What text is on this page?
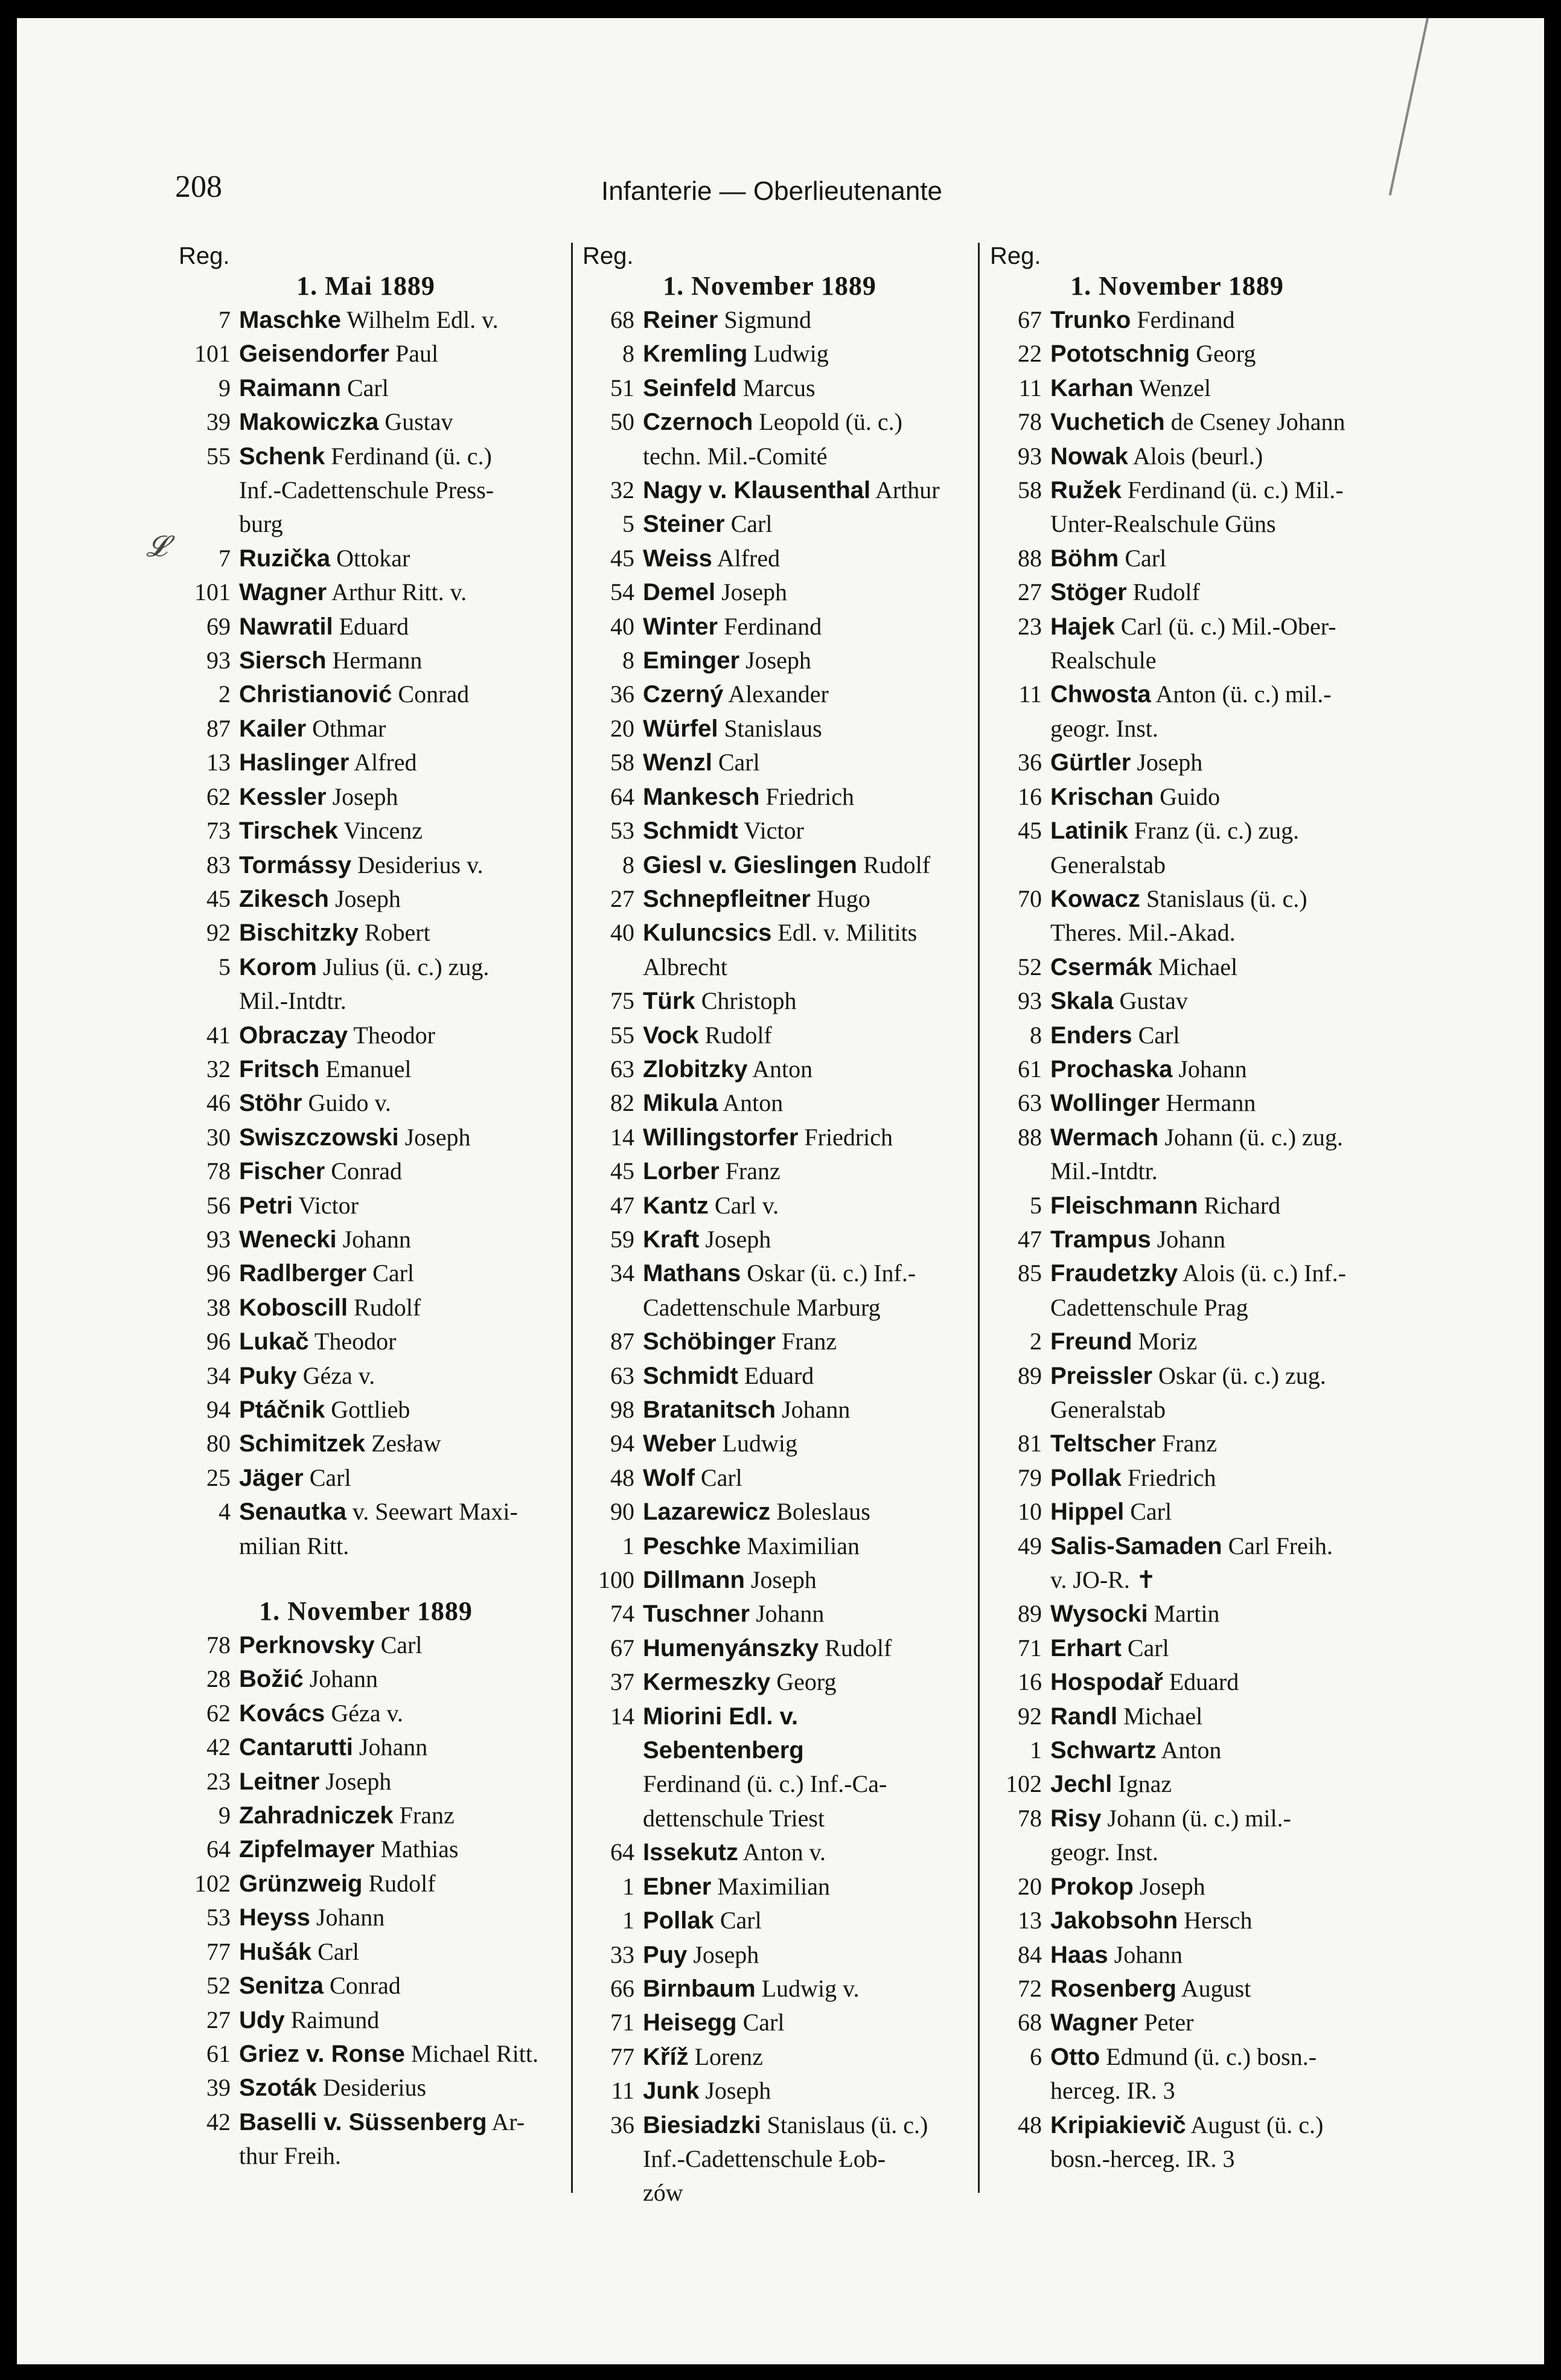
208	Infanterie — Oberlieutenante
𝓛
Reg.
1. Mai 1889
7 Maschke Wilhelm Edl. v.
101 Geisendorfer Paul
9 Raimann Carl
39 Makowiczka Gustav
55 Schenk Ferdinand (ü. c.)
Inf.-Cadettenschule Press-
burg
7 Ruzička Ottokar
101 Wagner Arthur Ritt. v.
69 Nawratil Eduard
93 Siersch Hermann
2 Christianović Conrad
87 Kailer Othmar
13 Haslinger Alfred
62 Kessler Joseph
73 Tirschek Vincenz
83 Tormássy Desiderius v.
45 Zikesch Joseph
92 Bischitzky Robert
5 Korom Julius (ü. c.) zug.
Mil.-Intdtr.
41 Obraczay Theodor
32 Fritsch Emanuel
46 Stöhr Guido v.
30 Swiszczowski Joseph
78 Fischer Conrad
56 Petri Victor
93 Wenecki Johann
96 Radlberger Carl
38 Koboscill Rudolf
96 Lukač Theodor
34 Puky Géza v.
94 Ptáčnik Gottlieb
80 Schimitzek Zesław
25 Jäger Carl
4 Senautka v. Seewart Maxi-
milian Ritt.
1. November 1889
78 Perknovsky Carl
28 Božić Johann
62 Kovács Géza v.
42 Cantarutti Johann
23 Leitner Joseph
9 Zahradniczek Franz
64 Zipfelmayer Mathias
102 Grünzweig Rudolf
53 Heyss Johann
77 Hušák Carl
52 Senitza Conrad
27 Udy Raimund
61 Griez v. Ronse Michael Ritt.
39 Szoták Desiderius
42 Baselli v. Süssenberg Ar-
thur Freih.
Reg.
1. November 1889
68 Reiner Sigmund
8 Kremling Ludwig
51 Seinfeld Marcus
50 Czernoch Leopold (ü. c.)
techn. Mil.-Comité
32 Nagy v. Klausenthal Arthur
5 Steiner Carl
45 Weiss Alfred
54 Demel Joseph
40 Winter Ferdinand
8 Eminger Joseph
36 Czerný Alexander
20 Würfel Stanislaus
58 Wenzl Carl
64 Mankesch Friedrich
53 Schmidt Victor
8 Giesl v. Gieslingen Rudolf
27 Schnepfleitner Hugo
40 Kuluncsics Edl. v. Militits
Albrecht
75 Türk Christoph
55 Vock Rudolf
63 Zlobitzky Anton
82 Mikula Anton
14 Willingstorfer Friedrich
45 Lorber Franz
47 Kantz Carl v.
59 Kraft Joseph
34 Mathans Oskar (ü. c.) Inf.-
Cadettenschule Marburg
87 Schöbinger Franz
63 Schmidt Eduard
98 Bratanitsch Johann
94 Weber Ludwig
48 Wolf Carl
90 Lazarewicz Boleslaus
1 Peschke Maximilian
100 Dillmann Joseph
74 Tuschner Johann
67 Humenyánszky Rudolf
37 Kermeszky Georg
14 Miorini Edl. v. Sebentenberg
Ferdinand (ü. c.) Inf.-Ca-
dettenschule Triest
64 Issekutz Anton v.
1 Ebner Maximilian
1 Pollak Carl
33 Puy Joseph
66 Birnbaum Ludwig v.
71 Heisegg Carl
77 Kříž Lorenz
11 Junk Joseph
36 Biesiadzki Stanislaus (ü. c.)
Inf.-Cadettenschule Łob-
zów
Reg.
1. November 1889
67 Trunko Ferdinand
22 Pototschnig Georg
11 Karhan Wenzel
78 Vuchetich de Cseney Johann
93 Nowak Alois (beurl.)
58 Ružek Ferdinand (ü. c.) Mil.-
Unter-Realschule Güns
88 Böhm Carl
27 Stöger Rudolf
23 Hajek Carl (ü. c.) Mil.-Ober-
Realschule
11 Chwosta Anton (ü. c.) mil.-
geogr. Inst.
36 Gürtler Joseph
16 Krischan Guido
45 Latinik Franz (ü. c.) zug.
Generalstab
70 Kowacz Stanislaus (ü. c.)
Theres. Mil.-Akad.
52 Csermák Michael
93 Skala Gustav
8 Enders Carl
61 Prochaska Johann
63 Wollinger Hermann
88 Wermach Johann (ü. c.) zug.
Mil.-Intdtr.
5 Fleischmann Richard
47 Trampus Johann
85 Fraudetzky Alois (ü. c.) Inf.-
Cadettenschule Prag
2 Freund Moriz
89 Preissler Oskar (ü. c.) zug.
Generalstab
81 Teltscher Franz
79 Pollak Friedrich
10 Hippel Carl
49 Salis-Samaden Carl Freih.
v. JO-R. ✝
89 Wysocki Martin
71 Erhart Carl
16 Hospodař Eduard
92 Randl Michael
1 Schwartz Anton
102 Jechl Ignaz
78 Risy Johann (ü. c.) mil.-
geogr. Inst.
20 Prokop Joseph
13 Jakobsohn Hersch
84 Haas Johann
72 Rosenberg August
68 Wagner Peter
6 Otto Edmund (ü. c.) bosn.-
herceg. IR. 3
48 Kripiakievič August (ü. c.)
bosn.-herceg. IR. 3
